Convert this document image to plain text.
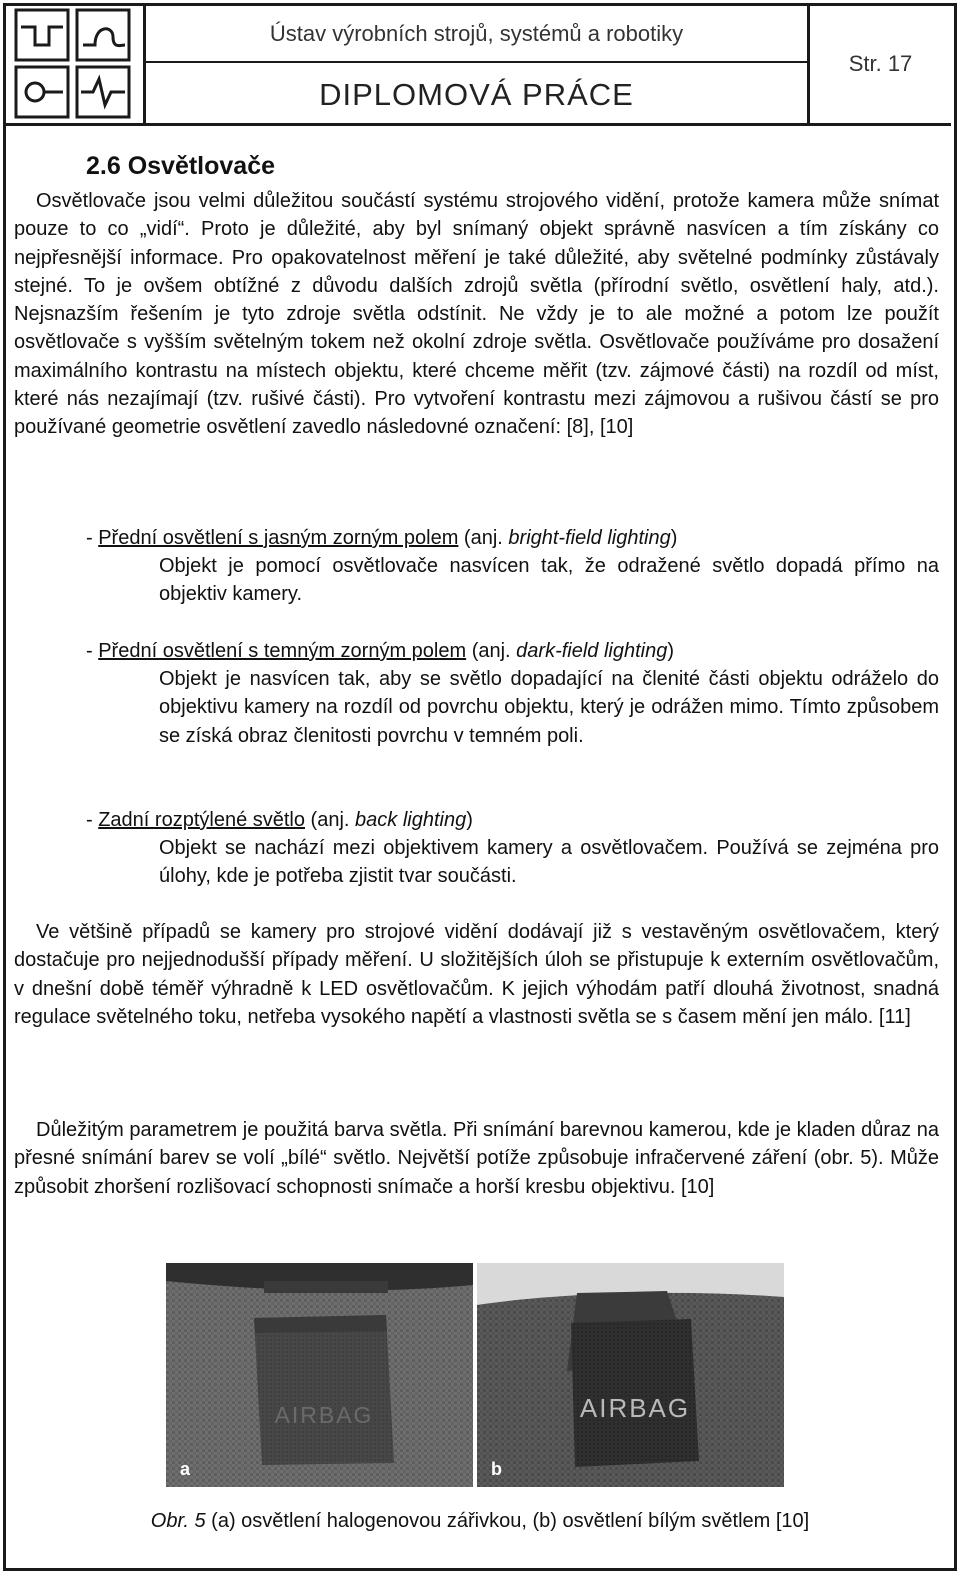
Ústav výrobních strojů, systémů a robotiky
DIPLOMOVÁ PRÁCE
Str. 17
2.6 Osvětlovače

Osvětlovače jsou velmi důležitou součástí systému strojového vidění, protože kamera může snímat pouze to co „vidí“. Proto je důležité, aby byl snímaný objekt správně nasvícen a tím získány co nejpřesnější informace. Pro opakovatelnost měření je také důležité, aby světelné podmínky zůstávaly stejné. To je ovšem obtížné z důvodu dalších zdrojů světla (přírodní světlo, osvětlení haly, atd.). Nejsnazším řešením je tyto zdroje světla odstínit. Ne vždy je to ale možné a potom lze použít osvětlovače s vyšším světelným tokem než okolní zdroje světla. Osvětlovače používáme pro dosažení maximálního kontrastu na místech objektu, které chceme měřit (tzv. zájmové části) na rozdíl od míst, které nás nezajímají (tzv. rušivé části). Pro vytvoření kontrastu mezi zájmovou a rušivou částí se pro používané geometrie osvětlení zavedlo následovné označení: [8], [10]

- Přední osvětlení s jasným zorným polem (anj. bright-field lighting)

Objekt je pomocí osvětlovače nasvícen tak, že odražené světlo dopadá přímo na objektiv kamery.

- Přední osvětlení s temným zorným polem (anj. dark-field lighting)

Objekt je nasvícen tak, aby se světlo dopadající na členité části objektu odráželo do objektivu kamery na rozdíl od povrchu objektu, který je odrážen mimo. Tímto způsobem se získá obraz členitosti povrchu v temném poli.

- Zadní rozptýlené světlo (anj. back lighting)

Objekt se nachází mezi objektivem kamery a osvětlovačem. Používá se zejména pro úlohy, kde je potřeba zjistit tvar součásti.

Ve většině případů se kamery pro strojové vidění dodávají již s vestavěným osvětlovačem, který dostačuje pro nejjednodušší případy měření. U složitějších úloh se přistupuje k externím osvětlovačům, v dnešní době téměř výhradně k LED osvětlovačům. K jejich výhodám patří dlouhá životnost, snadná regulace světelného toku, netřeba vysokého napětí a vlastnosti světla se s časem mění jen málo. [11]

Důležitým parametrem je použitá barva světla. Při snímání barevnou kamerou, kde je kladen důraz na přesné snímání barev se volí „bílé“ světlo. Největší potíže způsobuje infračervené záření (obr. 5). Může způsobit zhoršení rozlišovací schopnosti snímače a horší kresbu objektivu. [10]

AIRBAG
a
AIRBAG
b
Obr. 5 (a) osvětlení halogenovou zářivkou, (b) osvětlení bílým světlem [10]
